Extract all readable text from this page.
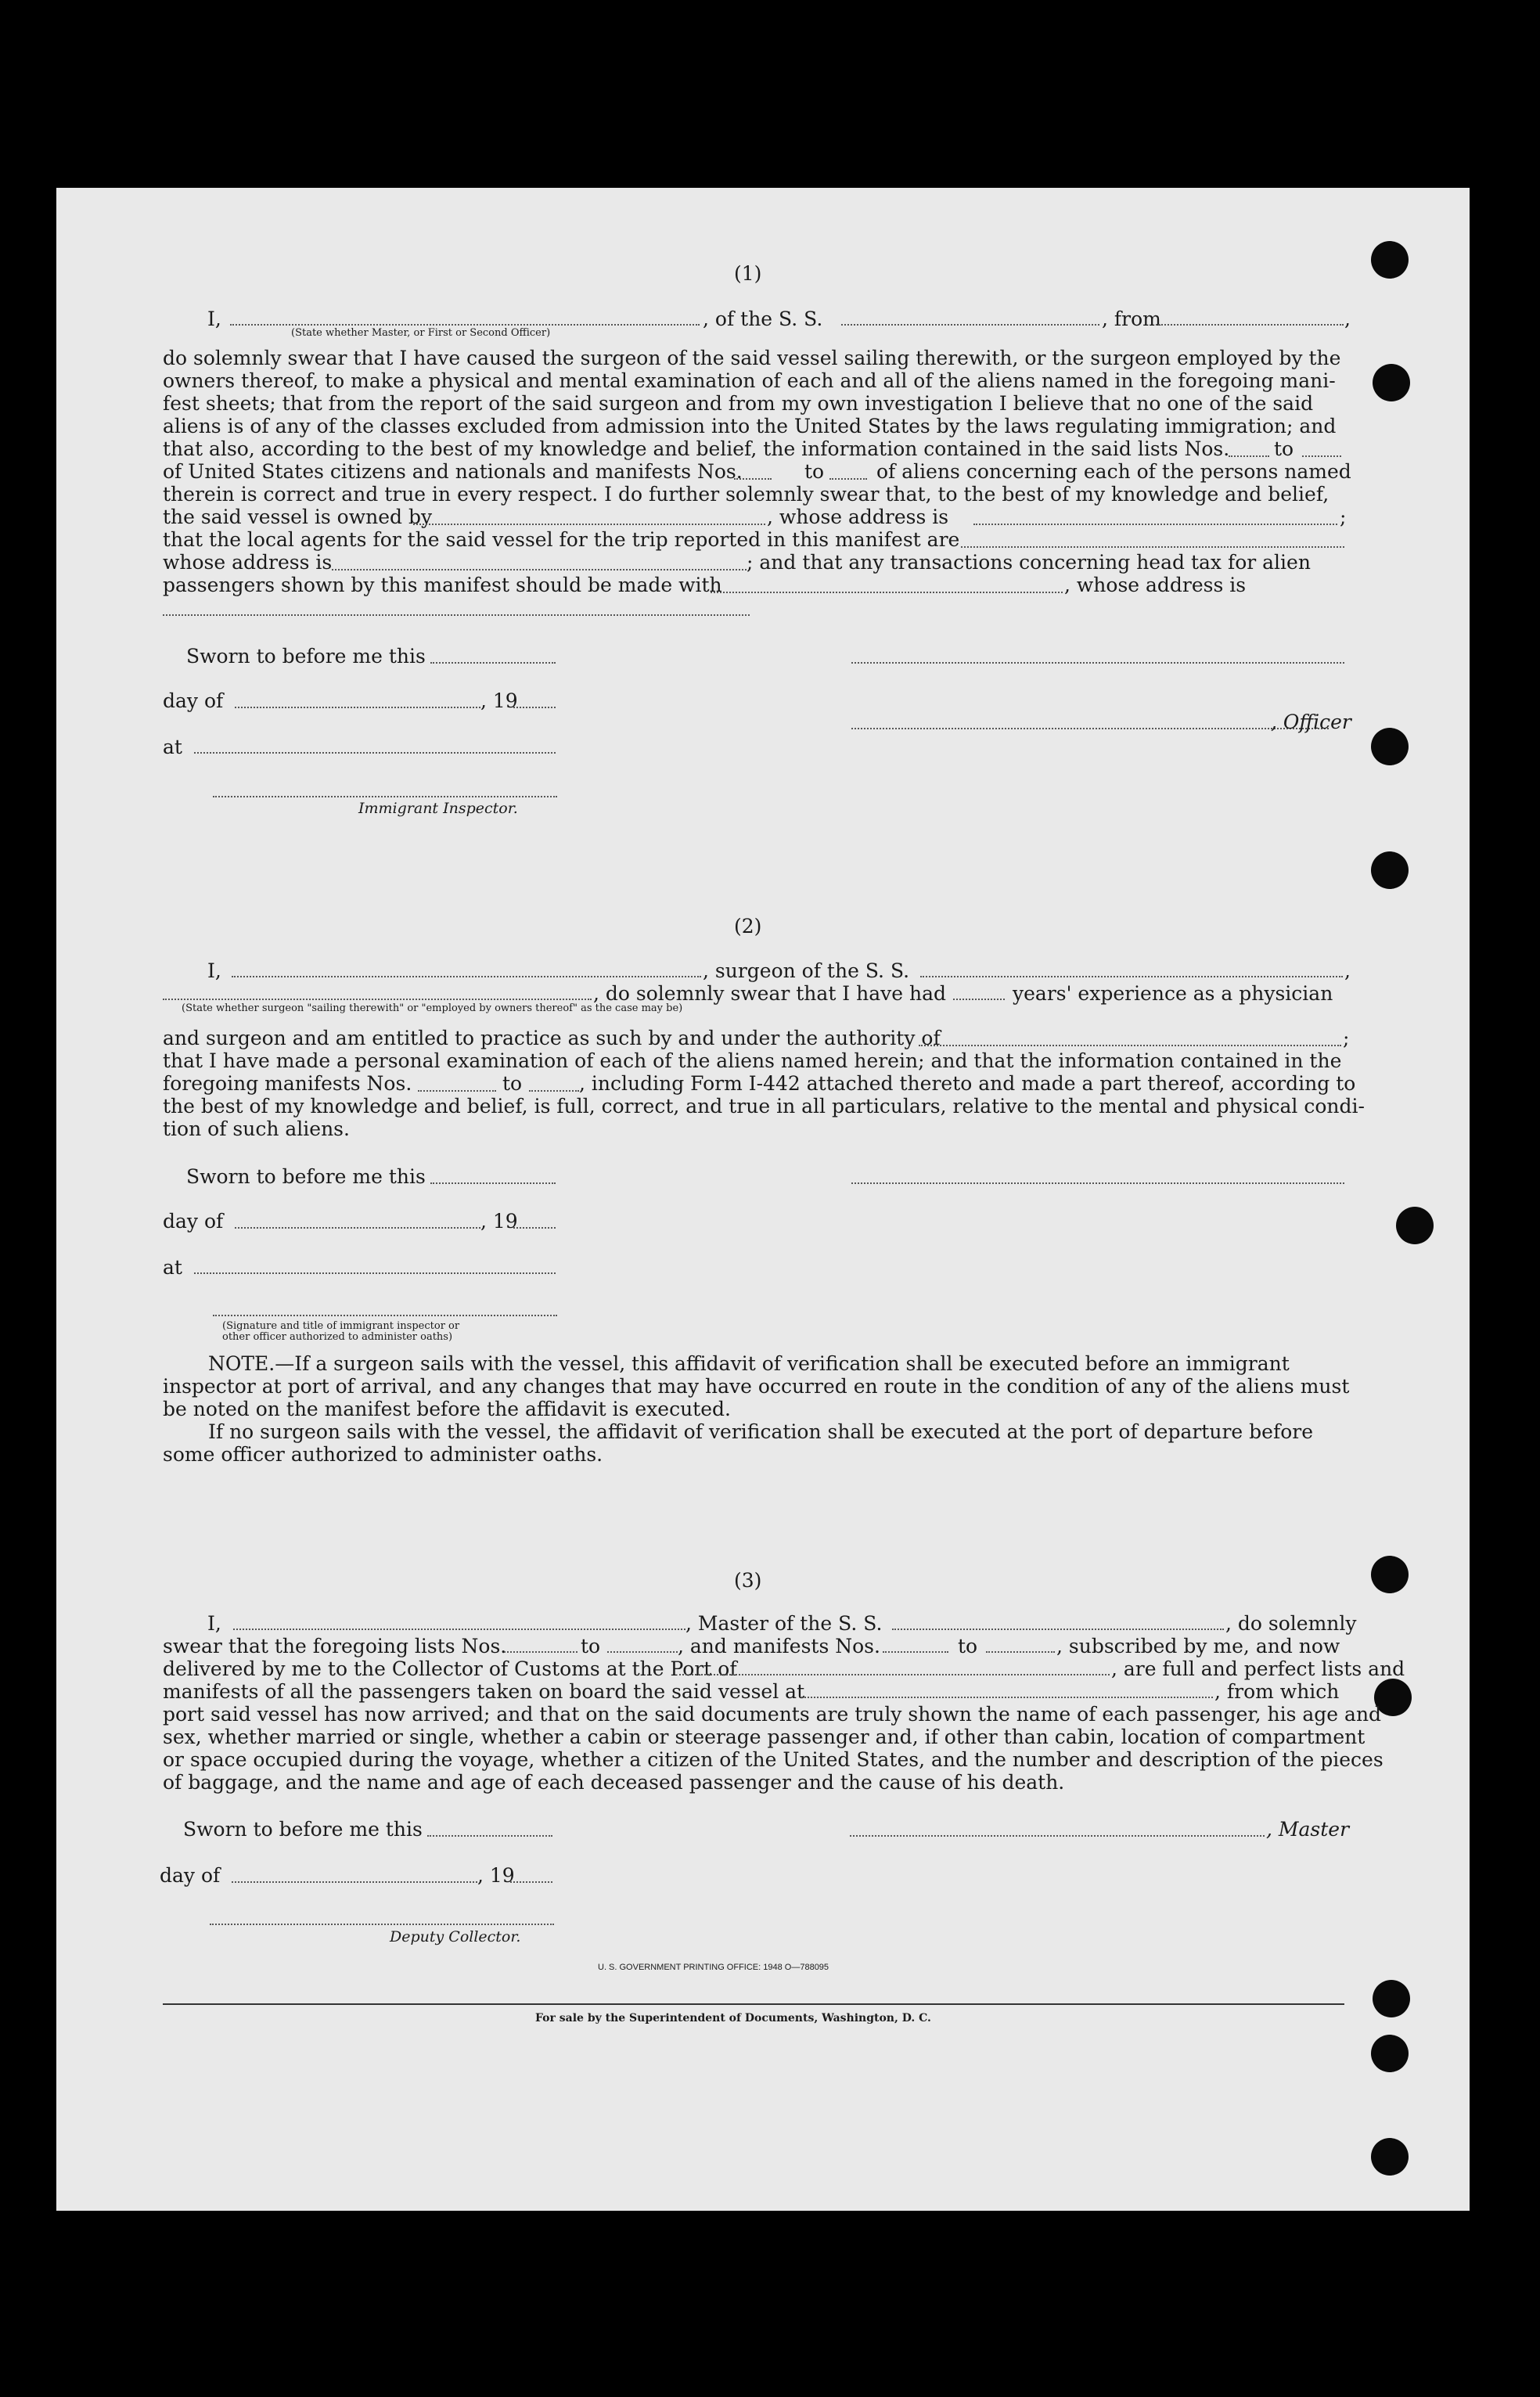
(1)
I,
(State whether Master, or First or Second Officer)
, of the S. S.	, from	,
do solemnly swear that I have caused the surgeon of the said vessel sailing therewith, or the surgeon employed by the
owners thereof, to make a physical and mental examination of each and all of the aliens named in the foregoing mani-
fest sheets; that from the report of the said surgeon and from my own investigation I believe that no one of the said
aliens is of any of the classes excluded from admission into the United States by the laws regulating immigration; and
that also, according to the best of my knowledge and belief, the information contained in the said lists Nos. to
of United States citizens and nationals and manifests Nos.	to	of aliens concerning each of the persons named
therein is correct and true in every respect. I do further solemnly swear that, to the best of my knowledge and belief,
the said vessel is owned by	, whose address is	;
that the local agents for the said vessel for the trip reported in this manifest are
whose address is	; and that any transactions concerning head tax for alien
passengers shown by this manifest should be made with	, whose address is
Sworn to before me this
day of	, 19
, Officer
at
Immigrant Inspector.
(2)
I,	, surgeon of the S. S.	,
, do solemnly swear that I have had	years' experience as a physician
(State whether surgeon "sailing therewith" or "employed by owners thereof" as the case may be)
and surgeon and am entitled to practice as such by and under the authority of	;
that I have made a personal examination of each of the aliens named herein; and that the information contained in the
foregoing manifests Nos.	to	, including Form I-442 attached thereto and made a part thereof, according to
the best of my knowledge and belief, is full, correct, and true in all particulars, relative to the mental and physical condi-
tion of such aliens.
Sworn to before me this
day of	, 19
at
(Signature and title of immigrant inspector or
other officer authorized to administer oaths)
NOTE.—If a surgeon sails with the vessel, this affidavit of verification shall be executed before an immigrant
inspector at port of arrival, and any changes that may have occurred en route in the condition of any of the aliens must
be noted on the manifest before the affidavit is executed.
If no surgeon sails with the vessel, the affidavit of verification shall be executed at the port of departure before
some officer authorized to administer oaths.
(3)
I,	, Master of the S. S.	, do solemnly
swear that the foregoing lists Nos.	to	, and manifests Nos.	to	, subscribed by me, and now
delivered by me to the Collector of Customs at the Port of	, are full and perfect lists and
manifests of all the passengers taken on board the said vessel at	, from which
port said vessel has now arrived; and that on the said documents are truly shown the name of each passenger, his age and
sex, whether married or single, whether a cabin or steerage passenger and, if other than cabin, location of compartment
or space occupied during the voyage, whether a citizen of the United States, and the number and description of the pieces
of baggage, and the name and age of each deceased passenger and the cause of his death.
Sworn to before me this	, Master
day of	, 19
Deputy Collector.
U. S. GOVERNMENT PRINTING OFFICE: 1948 O—788095
For sale by the Superintendent of Documents, Washington, D. C.
